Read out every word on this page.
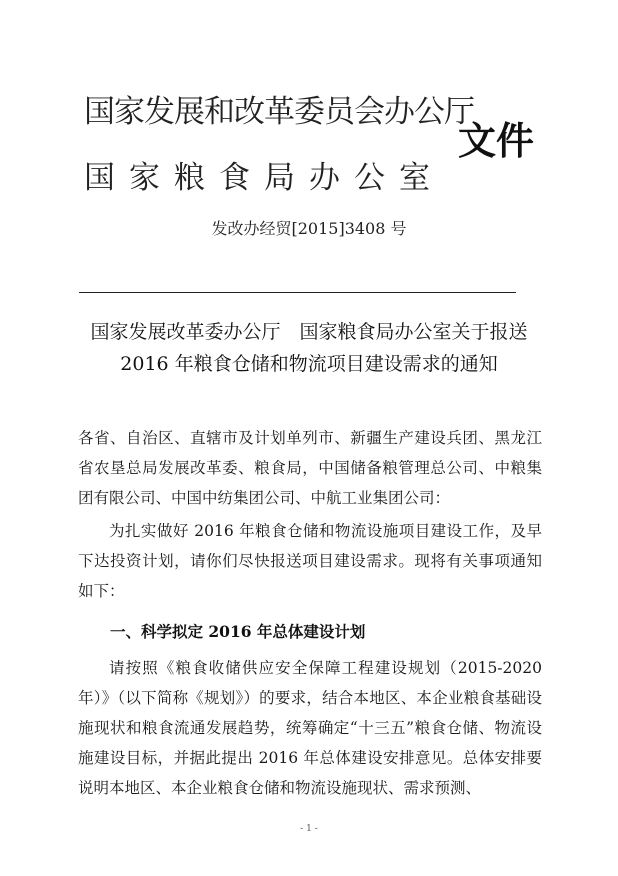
国家发展和改革委员会办公厅
国家粮食局办公室
文件
发改办经贸[2015]3408 号
国家发展改革委办公厅　国家粮食局办公室关于报送
2016 年粮食仓储和物流项目建设需求的通知

各省、自治区、直辖市及计划单列市、新疆生产建设兵团、黑龙江省农垦总局发展改革委、粮食局，中国储备粮管理总公司、中粮集团有限公司、中国中纺集团公司、中航工业集团公司：

为扎实做好 2016 年粮食仓储和物流设施项目建设工作，及早下达投资计划，请你们尽快报送项目建设需求。现将有关事项通知如下：

一、科学拟定 2016 年总体建设计划

请按照《粮食收储供应安全保障工程建设规划（2015-2020年）》（以下简称《规划》）的要求，结合本地区、本企业粮食基础设施现状和粮食流通发展趋势，统筹确定“十三五”粮食仓储、物流设施建设目标，并据此提出 2016 年总体建设安排意见。总体安排要说明本地区、本企业粮食仓储和物流设施现状、需求预测、

- 1 -
